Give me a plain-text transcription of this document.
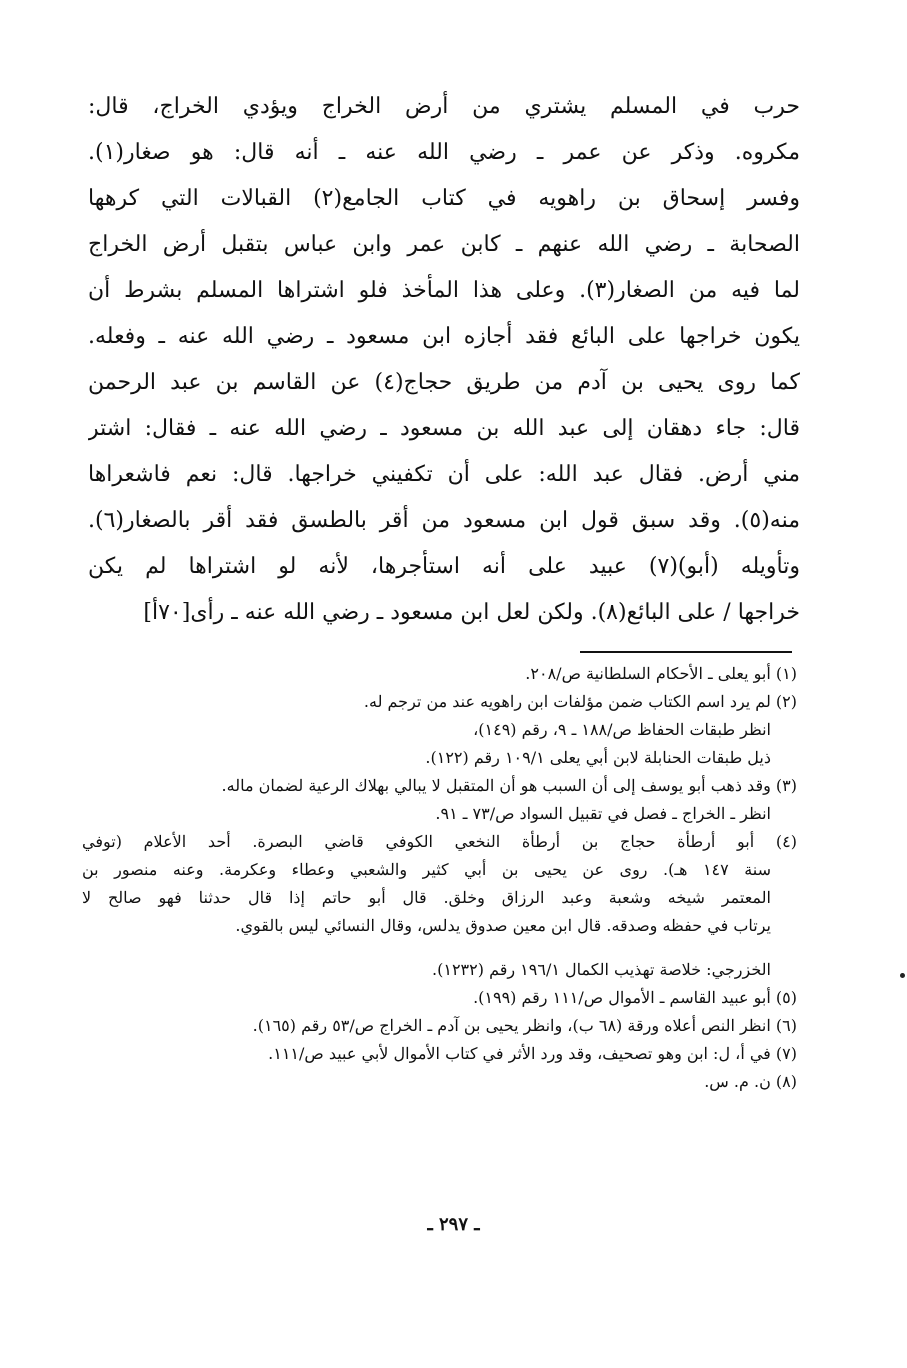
حرب في المسلم يشتري من أرض الخراج ويؤدي الخراج، قال:
مكروه. وذكر عن عمر ـ رضي الله عنه ـ أنه قال: هو صغار(١).
وفسر إسحاق بن راهويه في كتاب الجامع(٢) القبالات التي كرهها
الصحابة ـ رضي الله عنهم ـ كابن عمر وابن عباس بتقبل أرض الخراج
لما فيه من الصغار(٣). وعلى هذا المأخذ فلو اشتراها المسلم بشرط أن
يكون خراجها على البائع فقد أجازه ابن مسعود ـ رضي الله عنه ـ وفعله.
كما روى يحيى بن آدم من طريق حجاج(٤) عن القاسم بن عبد الرحمن
قال: جاء دهقان إلى عبد الله بن مسعود ـ رضي الله عنه ـ فقال: اشتر
مني أرض. فقال عبد الله: على أن تكفيني خراجها. قال: نعم فاشعراها
منه(٥). وقد سبق قول ابن مسعود من أقر بالطسق فقد أقر بالصغار(٦).
وتأويله (أبو)(٧) عبيد على أنه استأجرها، لأنه لو اشتراها لم يكن
خراجها / على البائع(٨). ولكن لعل ابن مسعود ـ رضي الله عنه ـ رأى[٧٠أ]
(١) أبو يعلى ـ الأحكام السلطانية ص/٢٠٨.
(٢) لم يرد اسم الكتاب ضمن مؤلفات ابن راهويه عند من ترجم له.
انظر طبقات الحفاظ ص/١٨٨ ـ ٩، رقم (١٤٩)،
ذيل طبقات الحنابلة لابن أبي يعلى ١٠٩/١ رقم (١٢٢).
(٣) وقد ذهب أبو يوسف إلى أن السبب هو أن المتقبل لا يبالي بهلاك الرعية لضمان ماله.
انظر ـ الخراج ـ فصل في تقبيل السواد ص/٧٣ ـ ٩١.
(٤) أبو أرطأة حجاج بن أرطأة النخعي الكوفي قاضي البصرة. أحد الأعلام (توفي
سنة ١٤٧ هـ). روى عن يحيى بن أبي كثير والشعبي وعطاء وعكرمة. وعنه منصور بن
المعتمر شيخه وشعبة وعبد الرزاق وخلق. قال أبو حاتم إذا قال حدثنا فهو صالح لا
يرتاب في حفظه وصدقه. قال ابن معين صدوق يدلس، وقال النسائي ليس بالقوي.
الخزرجي: خلاصة تهذيب الكمال ١٩٦/١ رقم (١٢٣٢).
(٥) أبو عبيد القاسم ـ الأموال ص/١١١ رقم (١٩٩).
(٦) انظر النص أعلاه ورقة (٦٨ ب)، وانظر يحيى بن آدم ـ الخراج ص/٥٣ رقم (١٦٥).
(٧) في أ، ل: ابن وهو تصحيف، وقد ورد الأثر في كتاب الأموال لأبي عبيد ص/١١١.
(٨) ن. م. س.
ـ ٢٩٧ ـ
